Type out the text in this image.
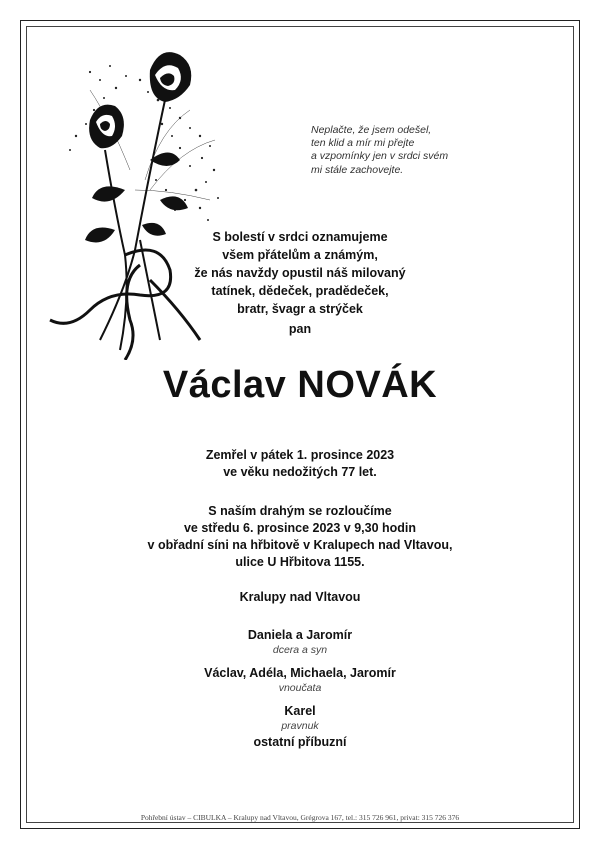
Neplačte, že jsem odešel,
ten klid a mír mi přejte
a vzpomínky jen v srdci svém
mi stále zachovejte.
S bolestí v srdci oznamujeme
všem přátelům a známým,
že nás navždy opustil náš milovaný
tatínek, dědeček, pradědeček,
bratr, švagr a strýček
pan
Václav NOVÁK
Zemřel v pátek 1. prosince 2023
ve věku nedožitých 77 let.
S naším drahým se rozloučíme
ve středu 6. prosince 2023 v 9,30 hodin
v obřadní síni na hřbitově v Kralupech nad Vltavou,
ulice U Hřbitova 1155.
Kralupy nad Vltavou
Daniela a Jaromír
dcera a syn
Václav, Adéla, Michaela, Jaromír
vnoučata
Karel
pravnuk
ostatní příbuzní
Pohřební ústav – CIBULKA – Kralupy nad Vltavou, Grégrova 167, tel.: 315 726 961, privat: 315 726 376
